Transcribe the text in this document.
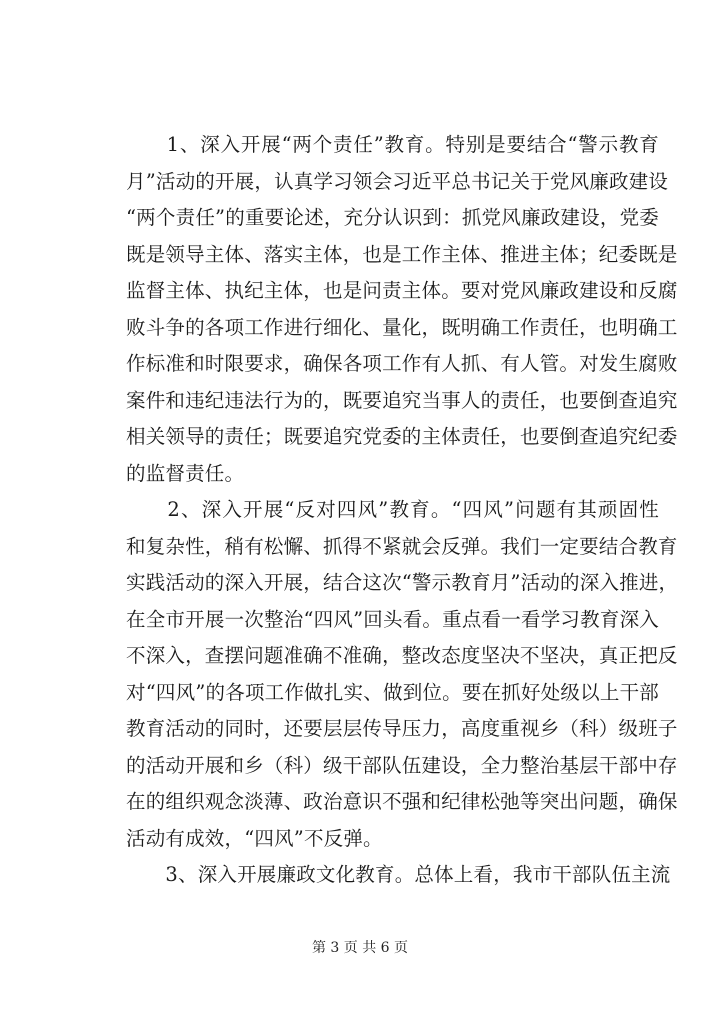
　　1、深入开展“两个责任”教育。特别是要结合“警示教育
月”活动的开展，认真学习领会习近平总书记关于党风廉政建设
“两个责任”的重要论述，充分认识到：抓党风廉政建设，党委
既是领导主体、落实主体，也是工作主体、推进主体；纪委既是
监督主体、执纪主体，也是问责主体。要对党风廉政建设和反腐
败斗争的各项工作进行细化、量化，既明确工作责任，也明确工
作标准和时限要求，确保各项工作有人抓、有人管。对发生腐败
案件和违纪违法行为的，既要追究当事人的责任，也要倒查追究
相关领导的责任；既要追究党委的主体责任，也要倒查追究纪委
的监督责任。
　　2、深入开展“反对四风”教育。“四风”问题有其顽固性
和复杂性，稍有松懈、抓得不紧就会反弹。我们一定要结合教育
实践活动的深入开展，结合这次“警示教育月”活动的深入推进，
在全市开展一次整治“四风”回头看。重点看一看学习教育深入
不深入，查摆问题准确不准确，整改态度坚决不坚决，真正把反
对“四风”的各项工作做扎实、做到位。要在抓好处级以上干部
教育活动的同时，还要层层传导压力，高度重视乡（科）级班子
的活动开展和乡（科）级干部队伍建设，全力整治基层干部中存
在的组织观念淡薄、政治意识不强和纪律松弛等突出问题，确保
活动有成效，“四风”不反弹。
　　3、深入开展廉政文化教育。总体上看，我市干部队伍主流
第 3 页 共 6 页
